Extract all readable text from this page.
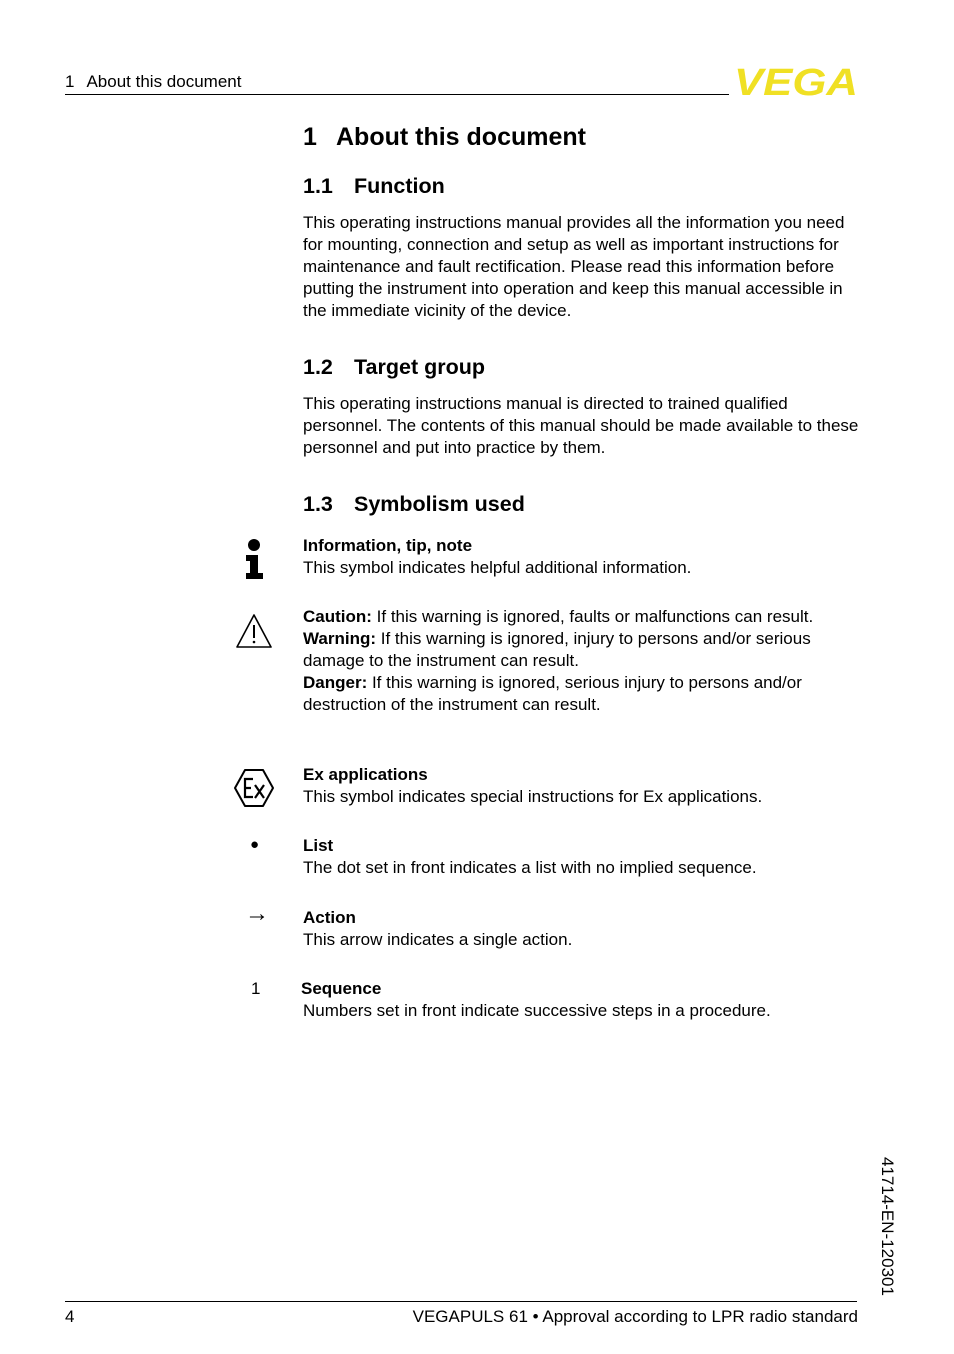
1 About this document	VEGA
1 About this document
1.1 Function
This operating instructions manual provides all the information you need for mounting, connection and setup as well as important instructions for maintenance and fault rectification. Please read this information before putting the instrument into operation and keep this manual accessible in the immediate vicinity of the device.
1.2 Target group
This operating instructions manual is directed to trained qualified personnel. The contents of this manual should be made available to these personnel and put into practice by them.
1.3 Symbolism used
Information, tip, note
This symbol indicates helpful additional information.
Caution: If this warning is ignored, faults or malfunctions can result.
Warning: If this warning is ignored, injury to persons and/or serious damage to the instrument can result.
Danger: If this warning is ignored, serious injury to persons and/or destruction of the instrument can result.
Ex applications
This symbol indicates special instructions for Ex applications.
●	List
The dot set in front indicates a list with no implied sequence.
→ Action
This arrow indicates a single action.
1 Sequence
Numbers set in front indicate successive steps in a procedure.
41714-EN-120301
4	VEGAPULS 61 • Approval according to LPR radio standard
